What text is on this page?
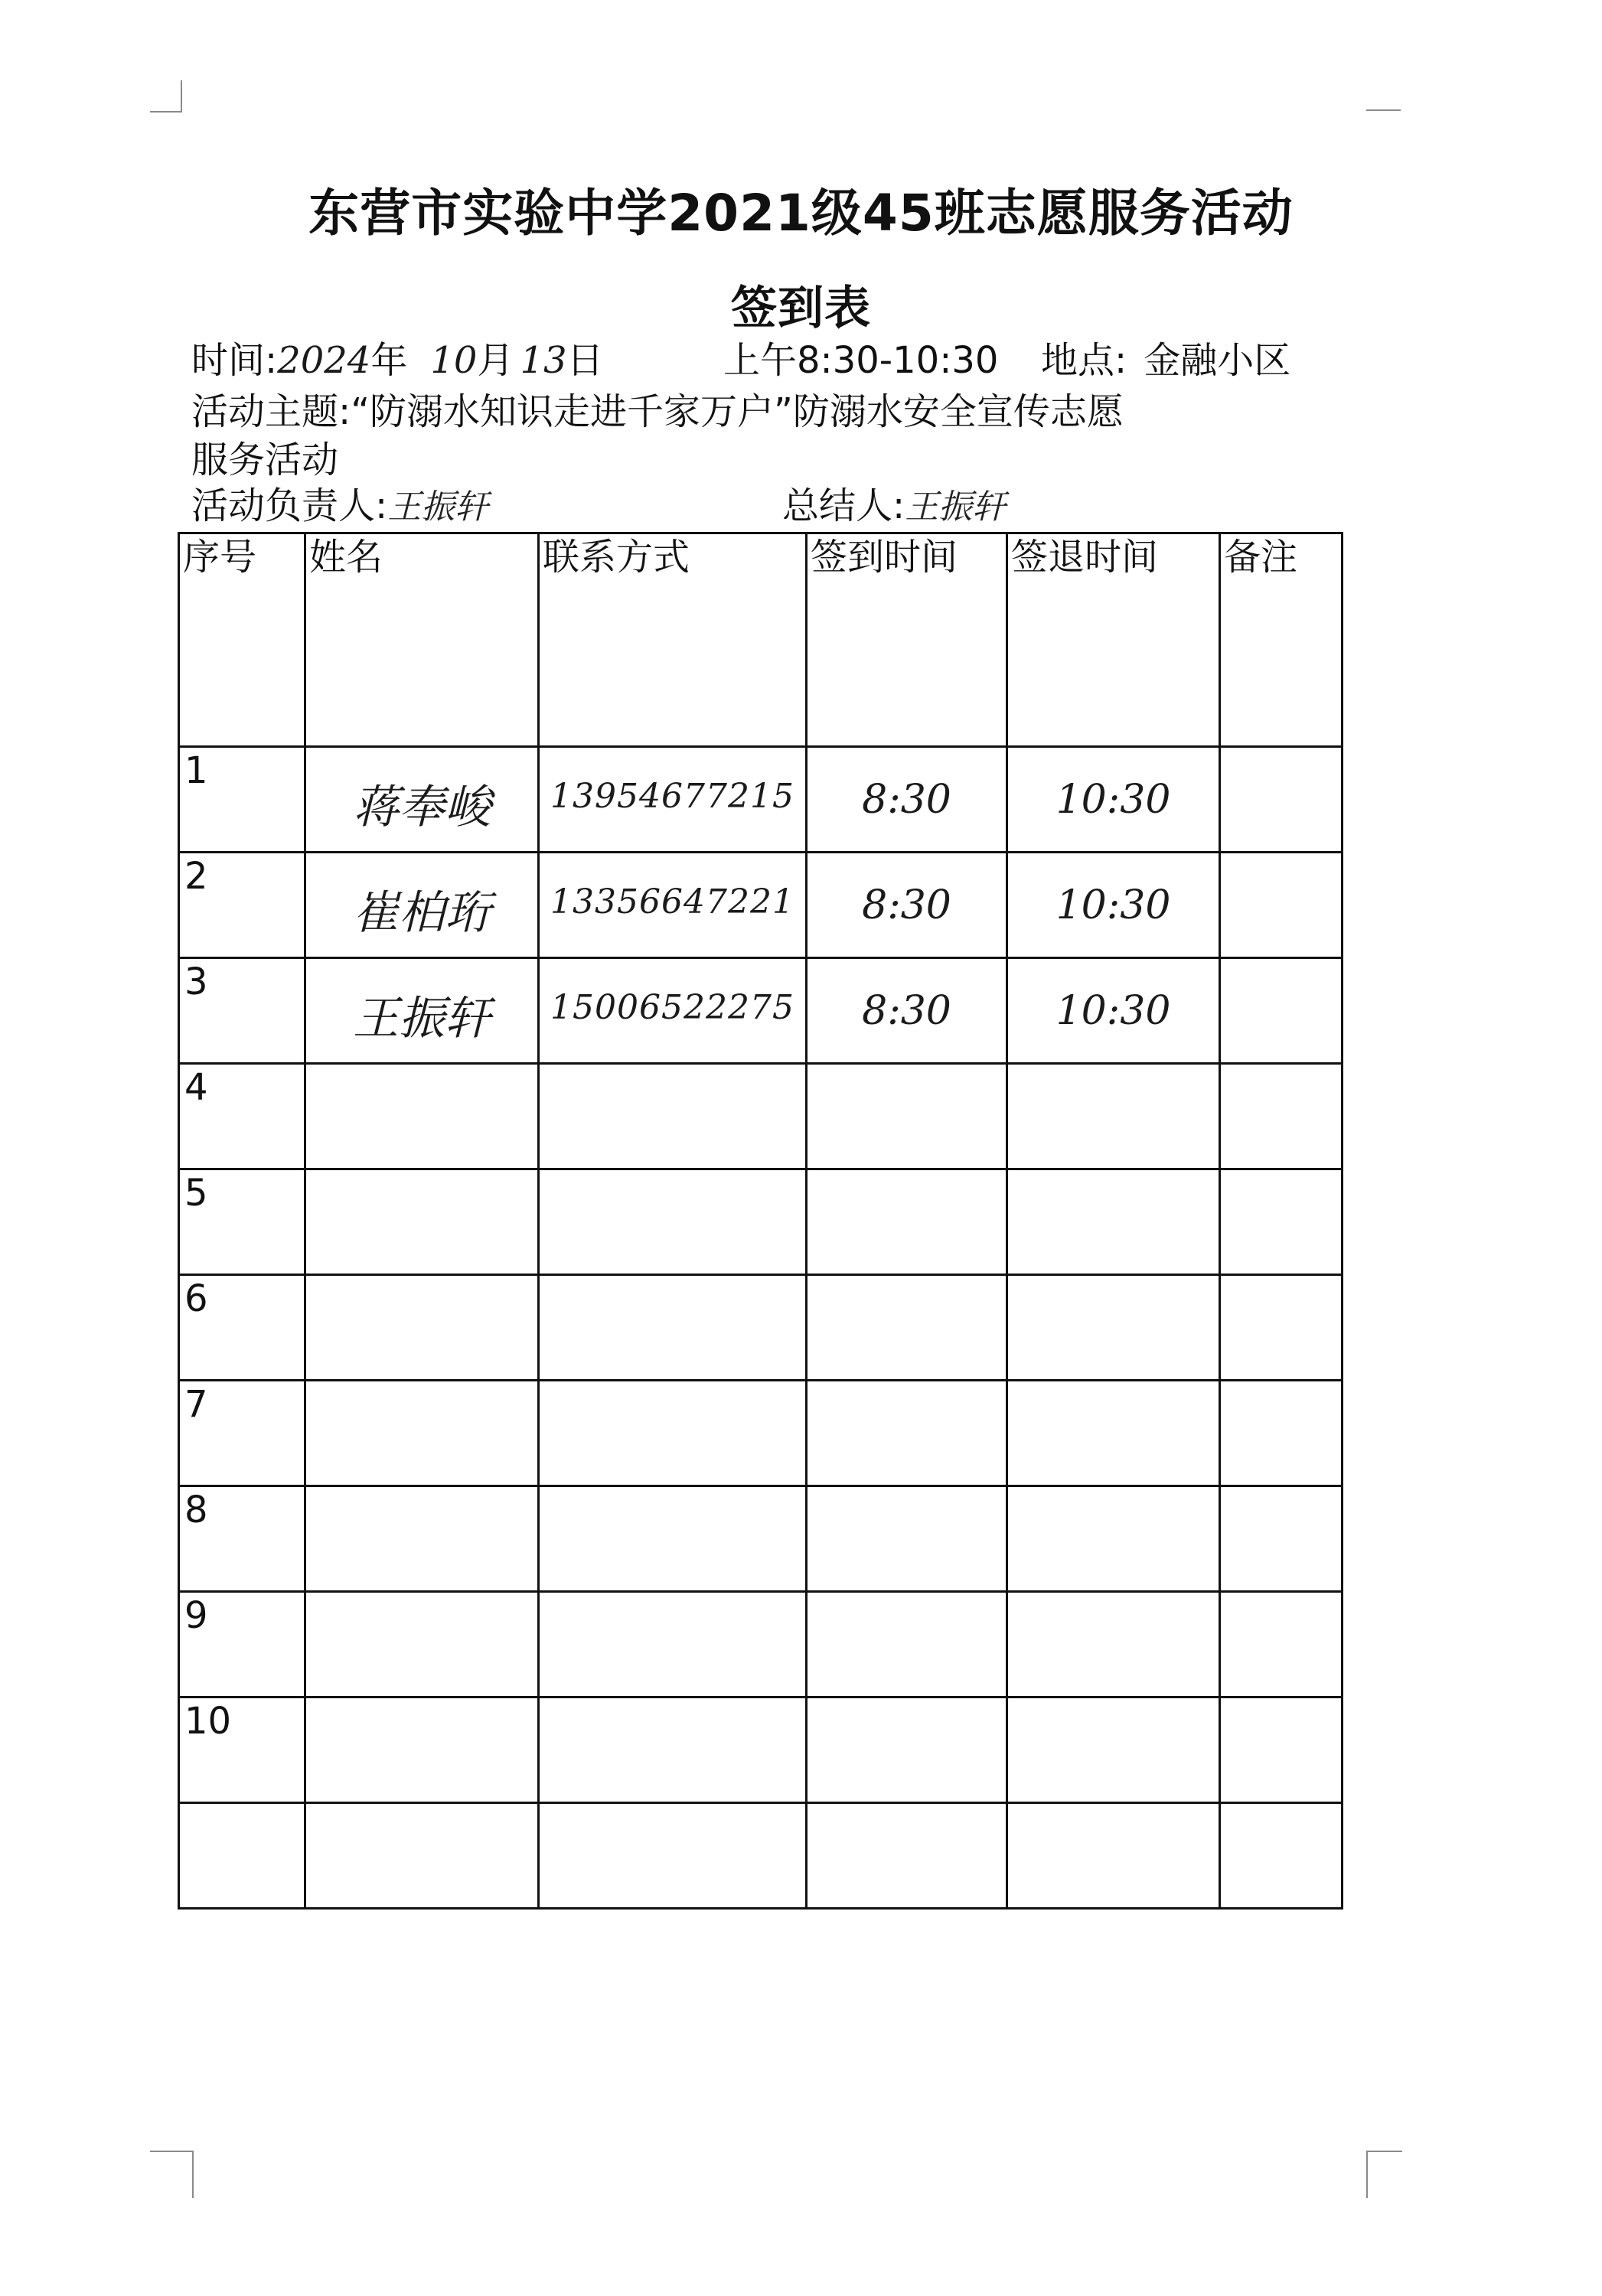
东营市实验中学2021级45班志愿服务活动
签到表
时间:2024年 10月 13日	上午8:30-10:30 地点: 金融小区
活动主题:“防溺水知识走进千家万户”防溺水安全宣传志愿
服务活动
活动负责人:王振轩	总结人:王振轩
序号	姓名	联系方式	签到时间	签退时间	备注

1	蒋奉峻	13954677215	8:30	10:30	

2	崔柏珩	13356647221	8:30	10:30	

3	王振轩	15006522275	8:30	10:30	

4					

5					

6					

7					

8					

9					

10					
